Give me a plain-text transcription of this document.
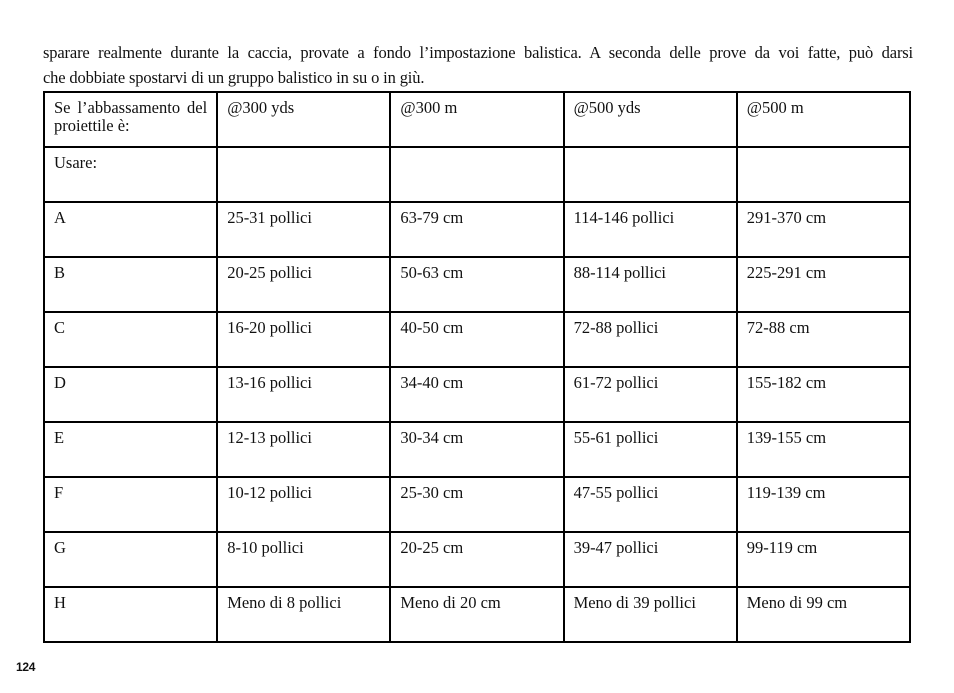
sparare realmente durante la caccia, provate a fondo l’impostazione balistica. A seconda delle prove da voi fatte, può darsi
che dobbiate spostarvi di un gruppo balistico in su o in giù.

Se l’abbassamento del proiettile è:	@300 yds	@300 m	@500 yds	@500 m
Usare:				
A	25-31 pollici	63-79 cm	114-146 pollici	291-370 cm
B	20-25 pollici	50-63 cm	88-114 pollici	225-291 cm
C	16-20 pollici	40-50 cm	72-88 pollici	72-88 cm
D	13-16 pollici	34-40 cm	61-72 pollici	155-182 cm
E	12-13 pollici	30-34 cm	55-61 pollici	139-155 cm
F	10-12 pollici	25-30 cm	47-55 pollici	119-139 cm
G	8-10 pollici	20-25 cm	39-47 pollici	99-119 cm
H	Meno di 8 pollici	Meno di 20 cm	Meno di 39 pollici	Meno di 99 cm
124
